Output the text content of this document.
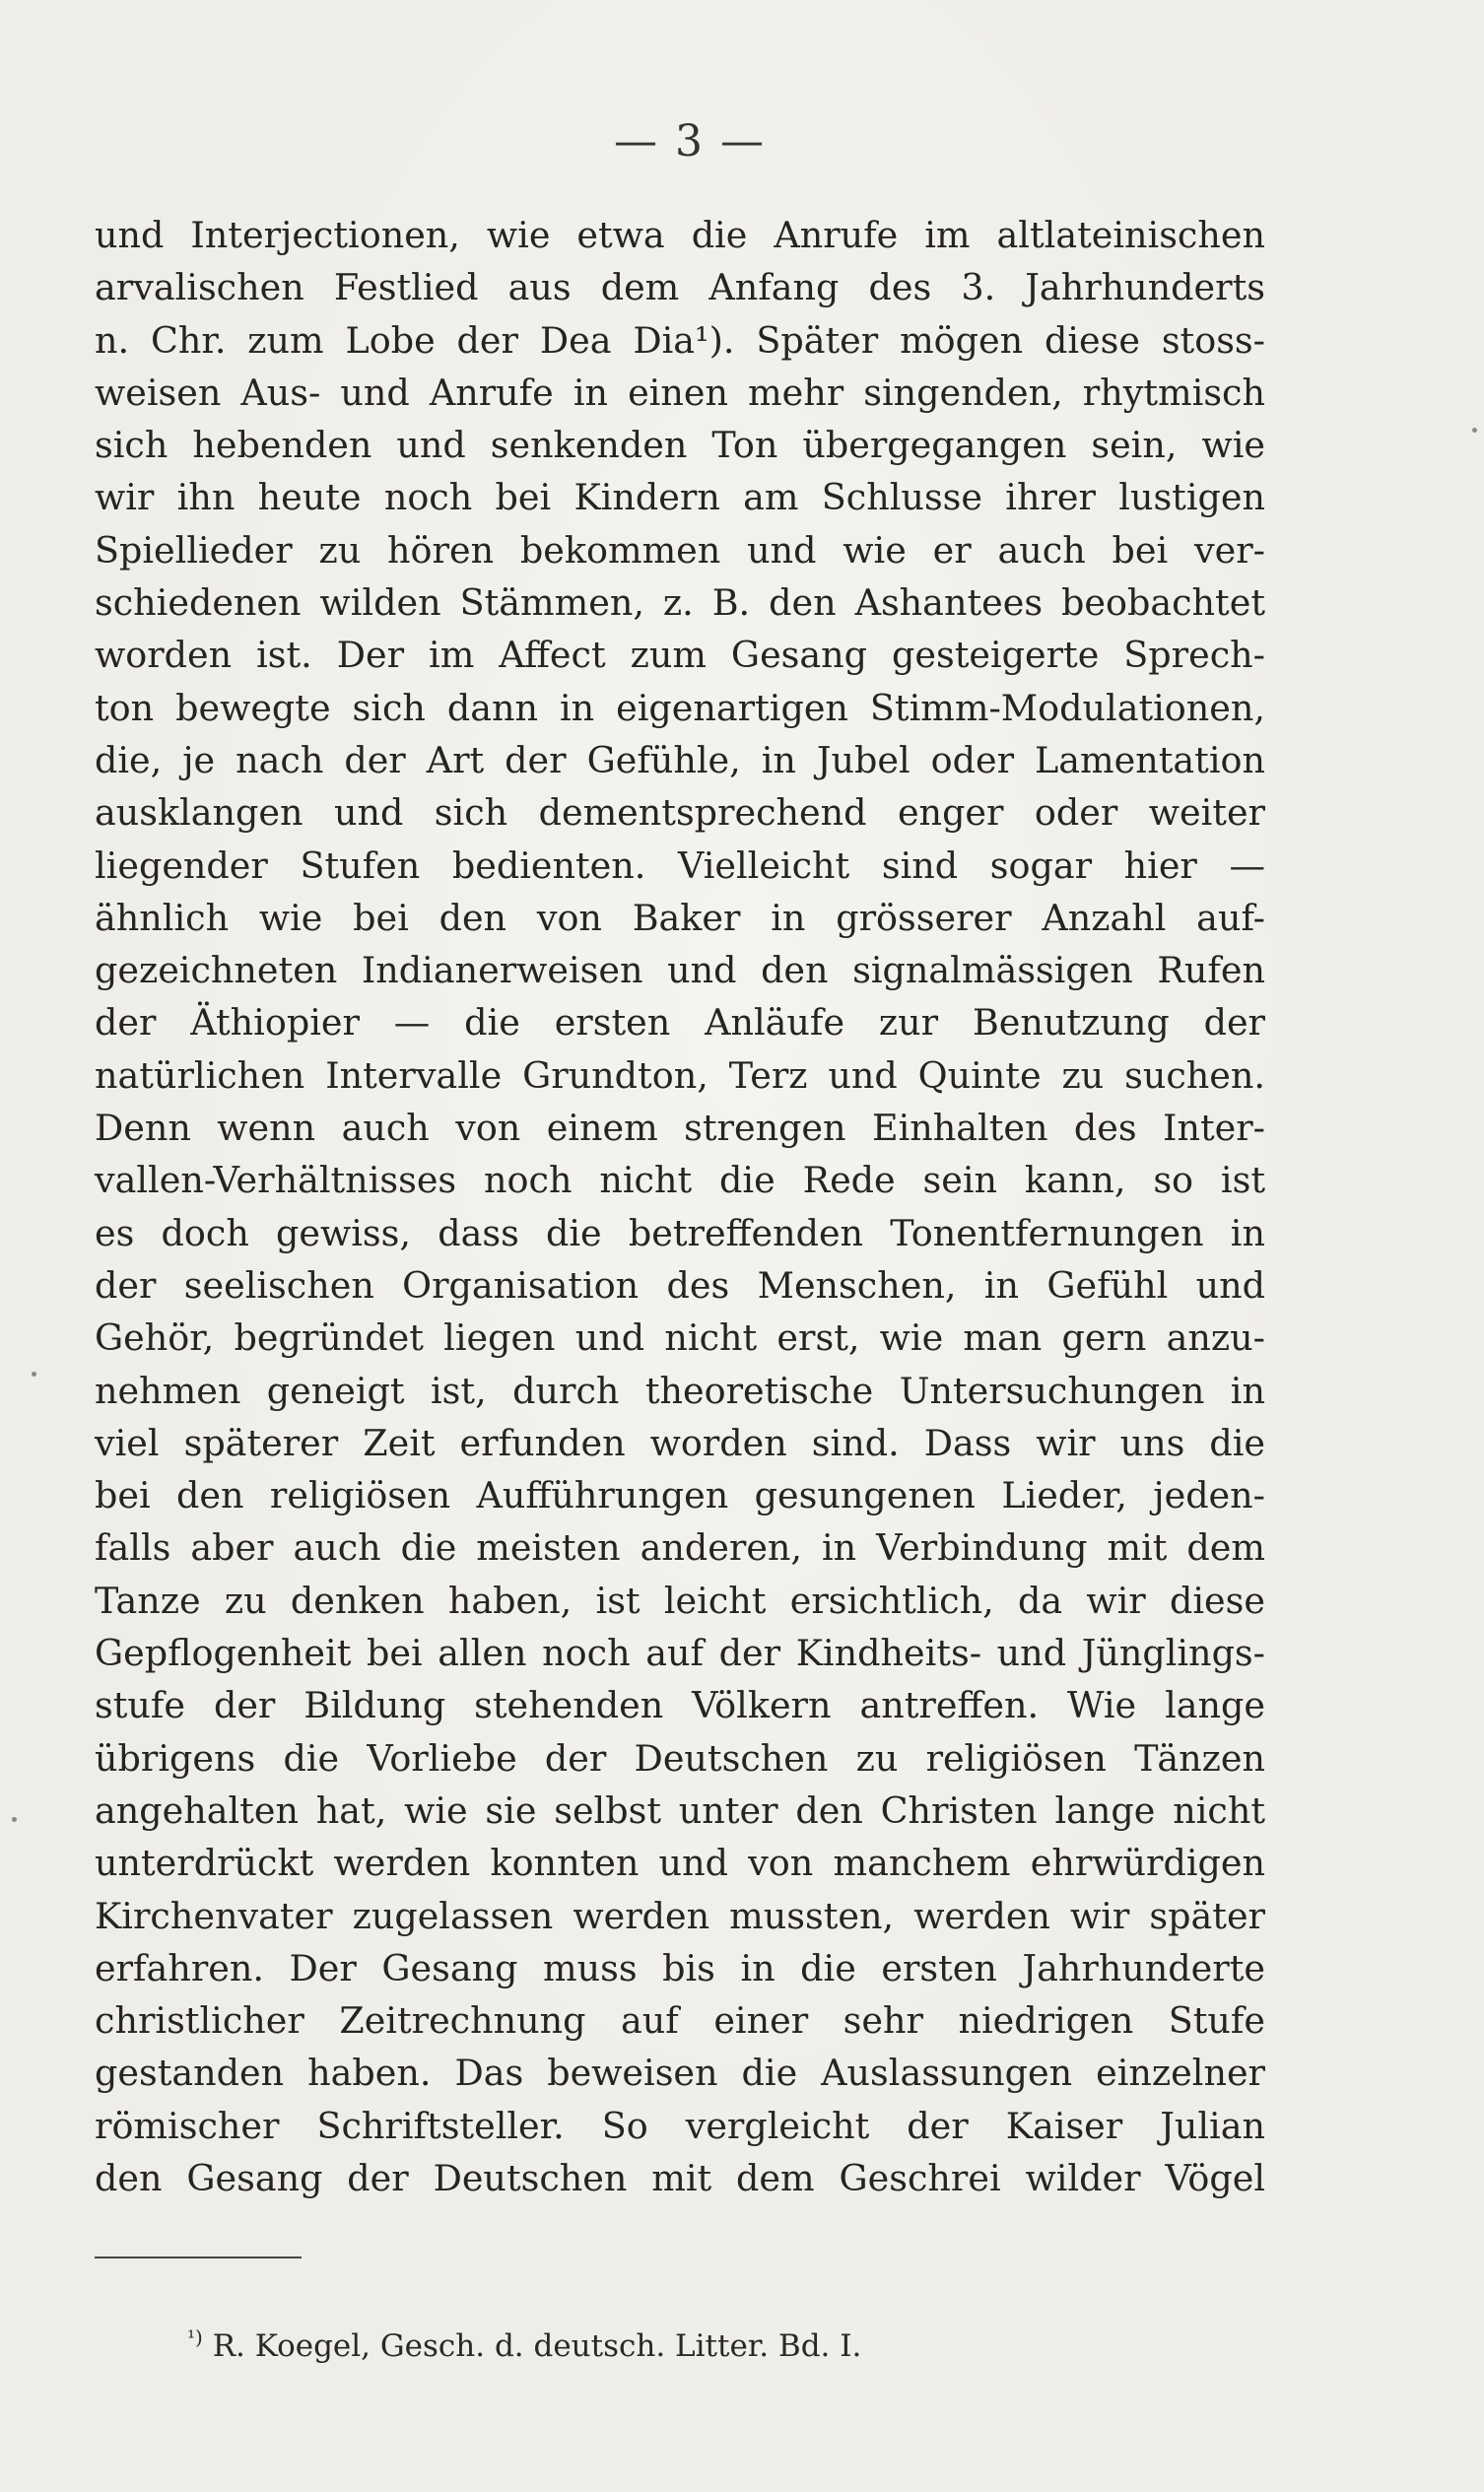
— 3 —
und Interjectionen, wie etwa die Anrufe im altlateinischen
arvalischen Festlied aus dem Anfang des 3. Jahrhunderts
n. Chr. zum Lobe der Dea Dia¹). Später mögen diese stoss-
weisen Aus- und Anrufe in einen mehr singenden, rhytmisch
sich hebenden und senkenden Ton übergegangen sein, wie
wir ihn heute noch bei Kindern am Schlusse ihrer lustigen
Spiellieder zu hören bekommen und wie er auch bei ver-
schiedenen wilden Stämmen, z. B. den Ashantees beobachtet
worden ist. Der im Affect zum Gesang gesteigerte Sprech-
ton bewegte sich dann in eigenartigen Stimm-Modulationen,
die, je nach der Art der Gefühle, in Jubel oder Lamentation
ausklangen und sich dementsprechend enger oder weiter
liegender Stufen bedienten. Vielleicht sind sogar hier —
ähnlich wie bei den von Baker in grösserer Anzahl auf-
gezeichneten Indianerweisen und den signalmässigen Rufen
der Äthiopier — die ersten Anläufe zur Benutzung der
natürlichen Intervalle Grundton, Terz und Quinte zu suchen.
Denn wenn auch von einem strengen Einhalten des Inter-
vallen-Verhältnisses noch nicht die Rede sein kann, so ist
es doch gewiss, dass die betreffenden Tonentfernungen in
der seelischen Organisation des Menschen, in Gefühl und
Gehör, begründet liegen und nicht erst, wie man gern anzu-
nehmen geneigt ist, durch theoretische Untersuchungen in
viel späterer Zeit erfunden worden sind. Dass wir uns die
bei den religiösen Aufführungen gesungenen Lieder, jeden-
falls aber auch die meisten anderen, in Verbindung mit dem
Tanze zu denken haben, ist leicht ersichtlich, da wir diese
Gepflogenheit bei allen noch auf der Kindheits- und Jünglings-
stufe der Bildung stehenden Völkern antreffen. Wie lange
übrigens die Vorliebe der Deutschen zu religiösen Tänzen
angehalten hat, wie sie selbst unter den Christen lange nicht
unterdrückt werden konnten und von manchem ehrwürdigen
Kirchenvater zugelassen werden mussten, werden wir später
erfahren. Der Gesang muss bis in die ersten Jahrhunderte
christlicher Zeitrechnung auf einer sehr niedrigen Stufe
gestanden haben. Das beweisen die Auslassungen einzelner
römischer Schriftsteller. So vergleicht der Kaiser Julian
den Gesang der Deutschen mit dem Geschrei wilder Vögel
$^{^1)}$ R. Koegel, Gesch. d. deutsch. Litter. Bd. I.
